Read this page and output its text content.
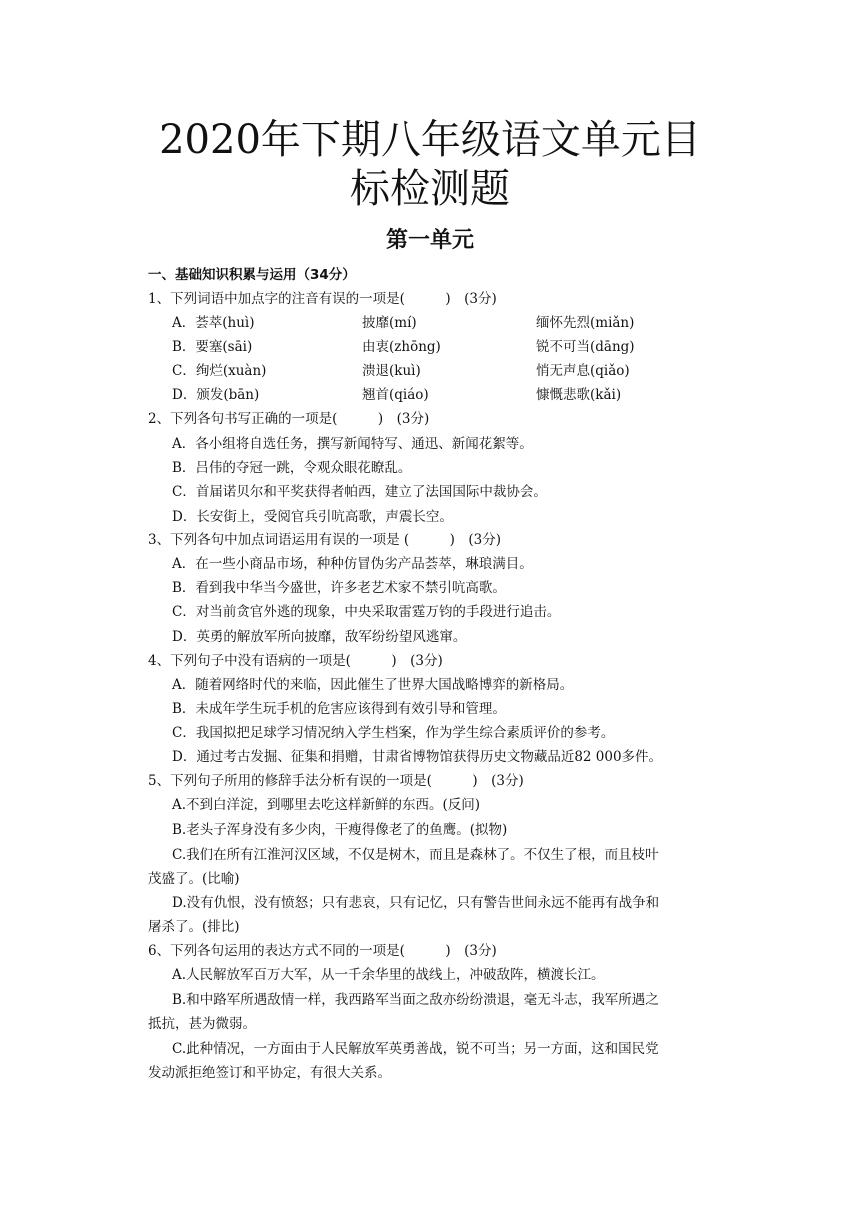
2020年下期八年级语文单元目
标检测题
第一单元
一、基础知识积累与运用（34分）
1、下列词语中加点字的注音有误的一项是(　　　)　(3分)
A．荟萃(huì)	披靡(mí)	缅怀先烈(miǎn)
B．要塞(sāi)	由衷(zhōng)	锐不可当(dāng)
C．绚烂(xuàn)	溃退(kuì)	悄无声息(qiǎo)
D．颁发(bān)	翘首(qiáo)	慷慨悲歌(kǎi)
2、下列各句书写正确的一项是(　　　)　(3分)
A．各小组将自选任务，撰写新闻特写、通迅、新闻花絮等。
B．吕伟的夺冠一跳，令观众眼花瞭乱。
C．首届诺贝尔和平奖获得者帕西，建立了法国国际中裁协会。
D．长安街上，受阅官兵引吭高歌，声震长空。
3、下列各句中加点词语运用有误的一项是 (　　　)　(3分)
A．在一些小商品市场，种种仿冒伪劣产品荟萃，琳琅满目。
B．看到我中华当今盛世，许多老艺术家不禁引吭高歌。
C．对当前贪官外逃的现象，中央采取雷霆万钧的手段进行追击。
D．英勇的解放军所向披靡，敌军纷纷望风逃窜。
4、下列句子中没有语病的一项是(　　　)　(3分)
A．随着网络时代的来临，因此催生了世界大国战略博弈的新格局。
B．未成年学生玩手机的危害应该得到有效引导和管理。
C．我国拟把足球学习情况纳入学生档案，作为学生综合素质评价的参考。
D．通过考古发掘、征集和捐赠，甘肃省博物馆获得历史文物藏品近82 000多件。
5、下列句子所用的修辞手法分析有误的一项是(　　　)　(3分)
A.不到白洋淀，到哪里去吃这样新鲜的东西。(反问)
B.老头子浑身没有多少肉，干瘦得像老了的鱼鹰。(拟物)
C.我们在所有江淮河汉区域，不仅是树木，而且是森林了。不仅生了根，而且枝叶
茂盛了。(比喻)
D.没有仇恨，没有愤怒；只有悲哀，只有记忆，只有警告世间永远不能再有战争和
屠杀了。(排比)
6、下列各句运用的表达方式不同的一项是(　　　)　(3分)
A.人民解放军百万大军，从一千余华里的战线上，冲破敌阵，横渡长江。
B.和中路军所遇敌情一样，我西路军当面之敌亦纷纷溃退，毫无斗志，我军所遇之
抵抗，甚为微弱。
C.此种情况，一方面由于人民解放军英勇善战，锐不可当；另一方面，这和国民党
发动派拒绝签订和平协定，有很大关系。
